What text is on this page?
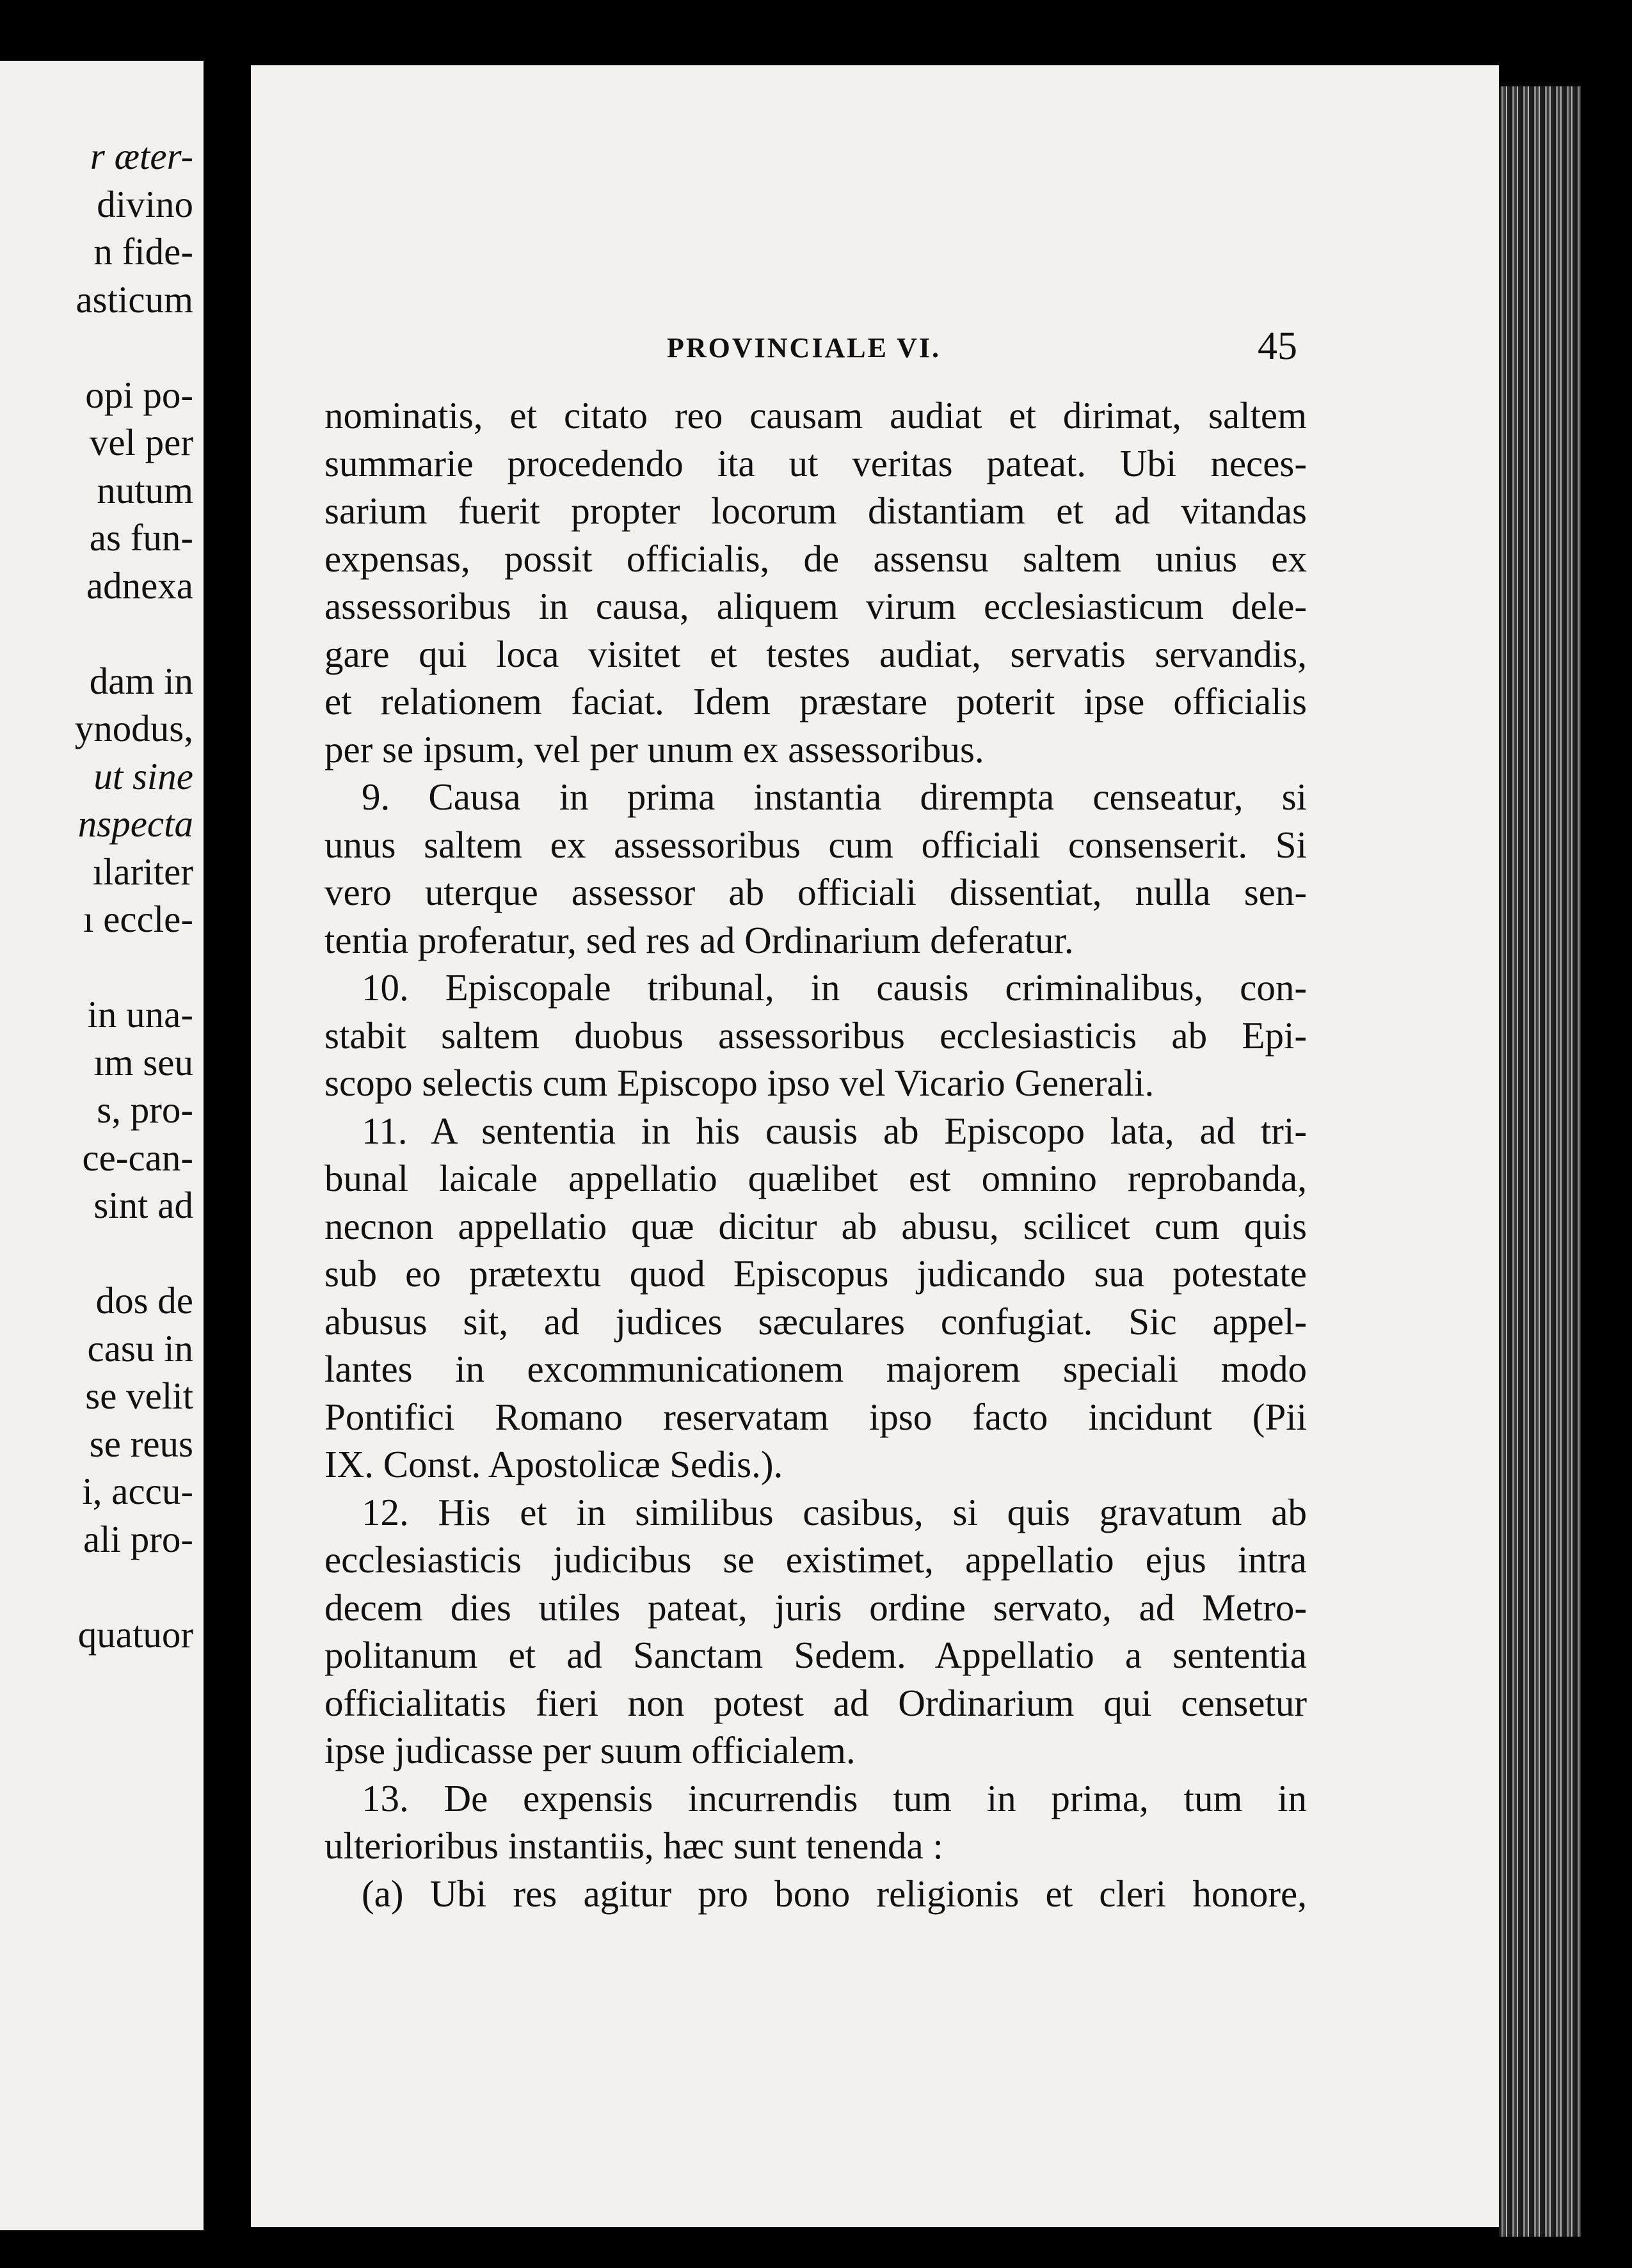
r æter-
divino
n fide-
asticum
opi po-
vel per
nutum
as fun-
adnexa
dam in
ynodus,
ut sine
nspecta
ılariter
ı eccle-
in una-
ım seu
s, pro-
ce-can-
sint ad
dos de
casu in
se velit
se reus
i, accu-
ali pro-
quatuor
PROVINCIALE VI.	45
nominatis, et citato reo causam audiat et dirimat, saltem
summarie procedendo ita ut veritas pateat. Ubi neces-
sarium fuerit propter locorum distantiam et ad vitandas
expensas, possit officialis, de assensu saltem unius ex
assessoribus in causa, aliquem virum ecclesiasticum dele-
gare qui loca visitet et testes audiat, servatis servandis,
et relationem faciat. Idem præstare poterit ipse officialis
per se ipsum, vel per unum ex assessoribus.
9. Causa in prima instantia dirempta censeatur, si
unus saltem ex assessoribus cum officiali consenserit. Si
vero uterque assessor ab officiali dissentiat, nulla sen-
tentia proferatur, sed res ad Ordinarium deferatur.
10. Episcopale tribunal, in causis criminalibus, con-
stabit saltem duobus assessoribus ecclesiasticis ab Epi-
scopo selectis cum Episcopo ipso vel Vicario Generali.
11. A sententia in his causis ab Episcopo lata, ad tri-
bunal laicale appellatio quælibet est omnino reprobanda,
necnon appellatio quæ dicitur ab abusu, scilicet cum quis
sub eo prætextu quod Episcopus judicando sua potestate
abusus sit, ad judices sæculares confugiat. Sic appel-
lantes in excommunicationem majorem speciali modo
Pontifici Romano reservatam ipso facto incidunt (Pii
IX. Const. Apostolicæ Sedis.).
12. His et in similibus casibus, si quis gravatum ab
ecclesiasticis judicibus se existimet, appellatio ejus intra
decem dies utiles pateat, juris ordine servato, ad Metro-
politanum et ad Sanctam Sedem. Appellatio a sententia
officialitatis fieri non potest ad Ordinarium qui censetur
ipse judicasse per suum officialem.
13. De expensis incurrendis tum in prima, tum in
ulterioribus instantiis, hæc sunt tenenda :
(a) Ubi res agitur pro bono religionis et cleri honore,
